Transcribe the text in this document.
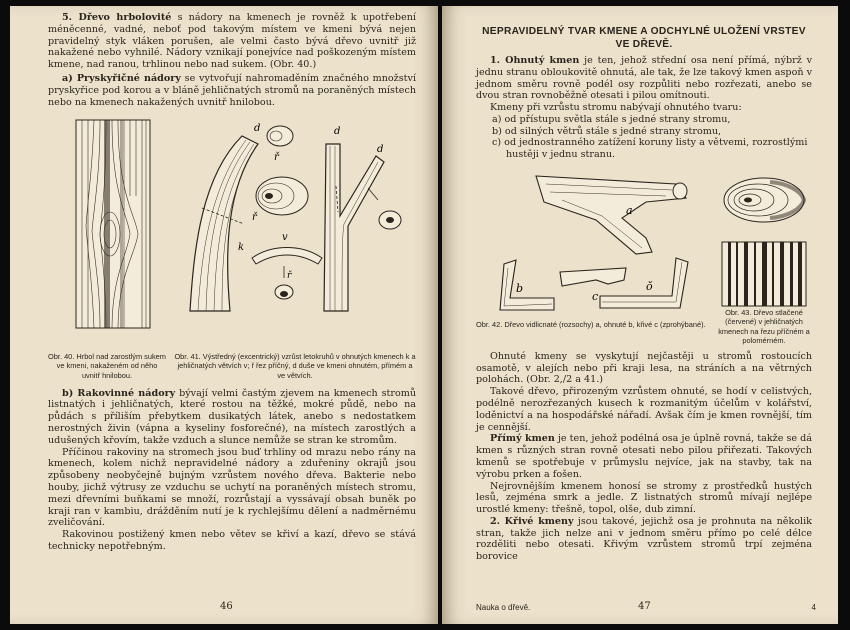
5. Dřevo hrbolovité s nádory na kmenech je rovněž k upotřebení méněcenné, vadné, neboť pod takovým místem ve kmeni bývá nejen pravidelný styk vláken porušen, ale velmi často bývá dřevo uvnitř již nakažené nebo vyhnilé. Nádory vznikají ponejvíce nad poškozeným místem kmene, nad ranou, trhlinou nebo nad sukem. (Obr. 40.)

a) Pryskyřičné nádory se vytvořují nahromaděním značného množství pryskyřice pod korou a v bláně jehličnatých stromů na poraněných místech nebo na kmenech nakažených uvnitř hnilobou.

d
k
ř
ř
v
ř
d
d
Obr. 40. Hrbol nad zarostlým sukem ve kmeni, nakaženém od něho uvnitř hnilobou.
Obr. 41. Výstředný (excentrický) vzrůst letokruhů v ohnutých kmenech k a jehličnatých větvích v; ř řez příčný, d duše ve kmeni ohnutém, přímém a ve větvích.

b) Rakovinné nádory bývají velmi častým zjevem na kmenech stromů listnatých i jehličnatých, které rostou na těžké, mokré půdě, nebo na půdách s příliším přebytkem dusikatých látek, anebo s nedostatkem nerostných živin (vápna a kyseliny fosforečné), na místech zarostlých a udušených křovím, takže vzduch a slunce nemůže se stran ke stromům.

Příčinou rakoviny na stromech jsou buď trhliny od mrazu nebo rány na kmenech, kolem nichž nepravidelné nádory a zduřeniny okrajů jsou způsobeny neobyčejně bujným vzrůstem nového dřeva. Bakterie nebo houby, jichž výtrusy ze vzduchu se uchytí na poraněných místech stromu, mezi dřevními buňkami se množí, rozrůstají a vyssávají obsah buněk po kraji ran v kambiu, drážděním nutí je k rychlejšímu dělení a nadměrnému zveličování.

Rakovinou postižený kmen nebo větev se křiví a kazí, dřevo se stává technicky nepotřebným.

46
NEPRAVIDELNÝ TVAR KMENE A ODCHYLNÉ ULOŽENÍ VRSTEV VE DŘEVĚ.

1. Ohnutý kmen je ten, jehož střední osa není přímá, nýbrž v jednu stranu obloukovitě ohnutá, ale tak, že lze takový kmen aspoň v jednom směru rovně podél osy rozpůliti nebo rozřezati, anebo se dvou stran rovnoběžně otesati i pilou omítnouti.

Kmeny při vzrůstu stromu nabývají ohnutého tvaru:

a) od přístupu světla stále s jedné strany stromu,
b) od silných větrů stále s jedné strany stromu,
c) od jednostranného zatížení koruny listy a větvemi, rozrostlými hustěji v jednu stranu.
a
b
c
ŏ
Obr. 42. Dřevo vidlicnaté (rozsochy) a, ohnuté b, křivé c (zprohýbané).
Obr. 43. Dřevo stlačené (červené) v jehličnatých kmenech na řezu příčném a polomérném.

Ohnuté kmeny se vyskytují nejčastěji u stromů rostoucích osamotě, v alejích nebo při kraji lesa, na stráních a na větrných polohách. (Obr. 2,/2 a 41.)

Takové dřevo, přirozeným vzrůstem ohnuté, se hodí v celistvých, podélně nerozřezaných kusech k rozmanitým účelům v kolářství, loděnictví a na hospodářské nářadí. Avšak čím je kmen rovnější, tím je cennější.

Přímý kmen je ten, jehož podélná osa je úplně rovná, takže se dá kmen s různých stran rovně otesati nebo pilou přiřezati. Takových kmenů se spotřebuje v průmyslu nejvíce, jak na stavby, tak na výrobu prken a fošen.

Nejrovnějším kmenem honosí se stromy z prostředků hustých lesů, zejména smrk a jedle. Z listnatých stromů mívají nejlépe urostlé kmeny: třešně, topol, olše, dub zimní.

2. Křivé kmeny jsou takové, jejichž osa je prohnuta na několik stran, takže jich nelze ani v jednom směru přímo po celé délce rozděliti nebo otesati. Křivým vzrůstem stromů trpí zejména borovice

Nauka o dřevě.	47	4
